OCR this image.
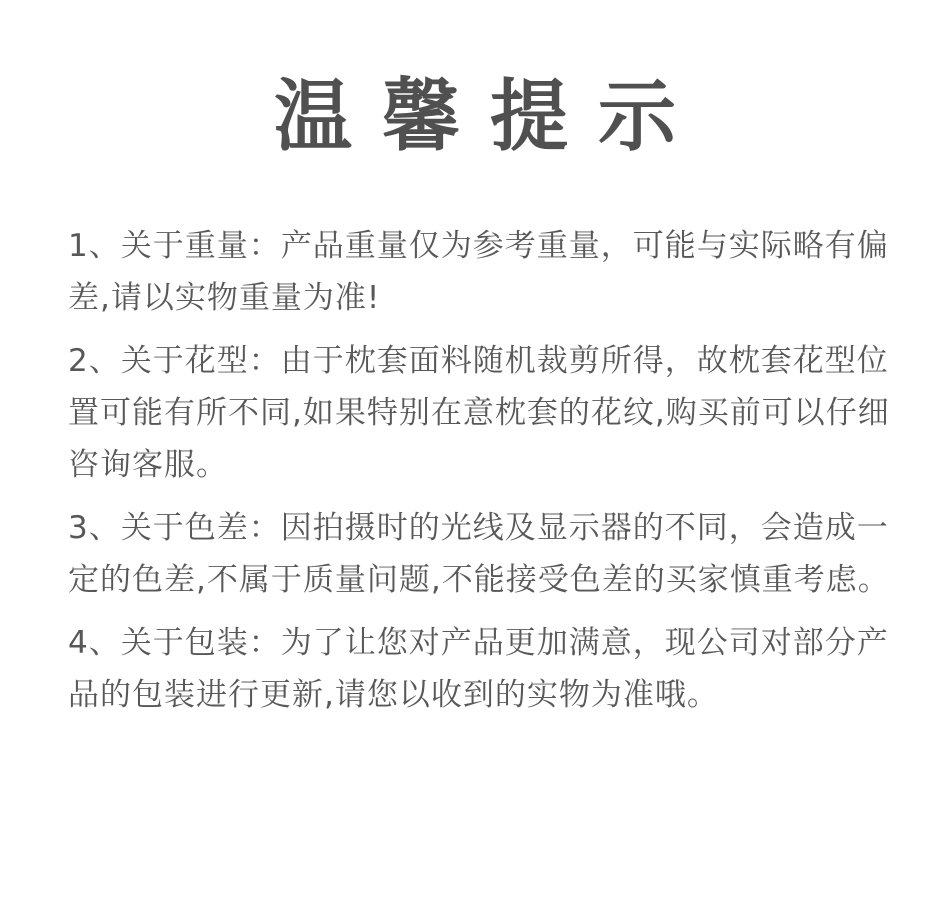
温馨提示
1、关于重量：产品重量仅为参考重量，可能与实际略有偏差,请以实物重量为准!
2、关于花型：由于枕套面料随机裁剪所得，故枕套花型位置可能有所不同,如果特别在意枕套的花纹,购买前可以仔细咨询客服。
3、关于色差：因拍摄时的光线及显示器的不同，会造成一定的色差,不属于质量问题,不能接受色差的买家慎重考虑。
4、关于包装：为了让您对产品更加满意，现公司对部分产品的包装进行更新,请您以收到的实物为准哦。
